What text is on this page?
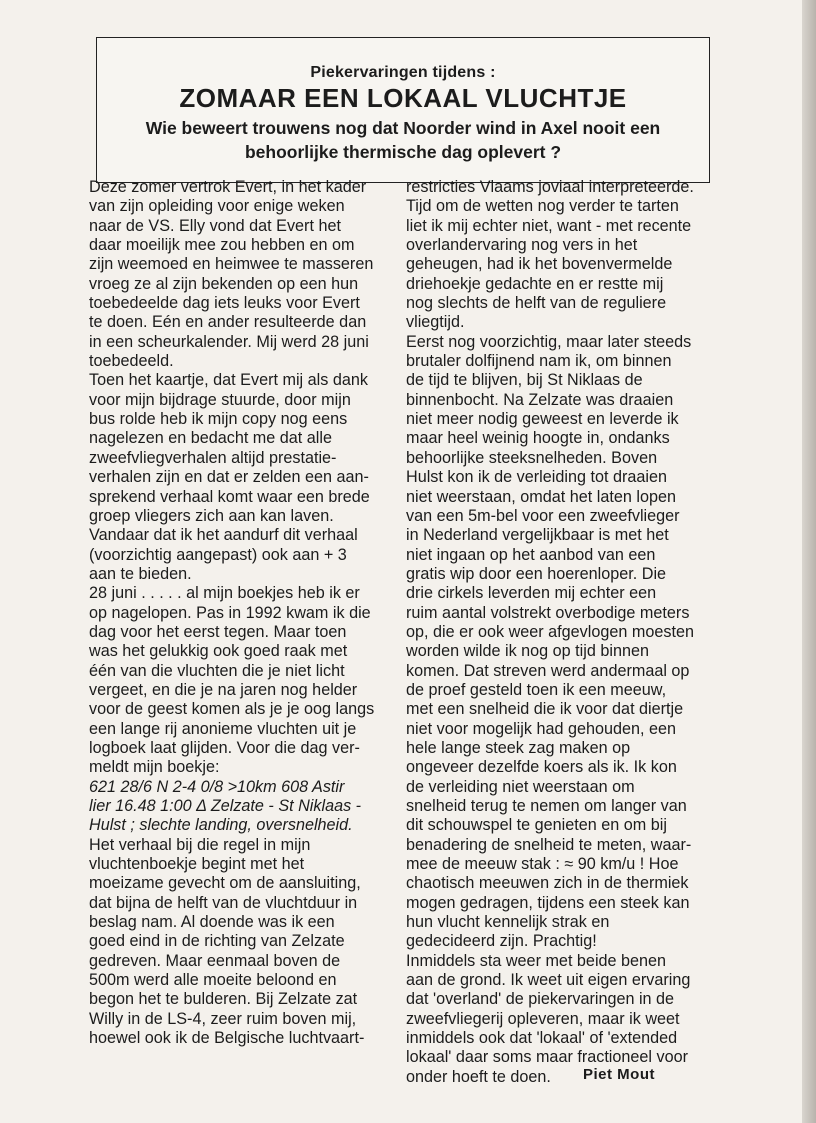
Piekervaringen tijdens :
ZOMAAR EEN LOKAAL VLUCHTJE
Wie beweert trouwens nog dat Noorder wind in Axel nooit een
behoorlijke thermische dag oplevert ?
Deze zomer vertrok Evert, in het kader
van zijn opleiding voor enige weken
naar de VS. Elly vond dat Evert het
daar moeilijk mee zou hebben en om
zijn weemoed en heimwee te masseren
vroeg ze al zijn bekenden op een hun
toebedeelde dag iets leuks voor Evert
te doen. Eén en ander resulteerde dan
in een scheurkalender. Mij werd 28 juni
toebedeeld.
Toen het kaartje, dat Evert mij als dank
voor mijn bijdrage stuurde, door mijn
bus rolde heb ik mijn copy nog eens
nagelezen en bedacht me dat alle
zweefvliegverhalen altijd prestatie-
verhalen zijn en dat er zelden een aan-
sprekend verhaal komt waar een brede
groep vliegers zich aan kan laven.
Vandaar dat ik het aandurf dit verhaal
(voorzichtig aangepast) ook aan + 3
aan te bieden.
28 juni . . . . . al mijn boekjes heb ik er
op nagelopen. Pas in 1992 kwam ik die
dag voor het eerst tegen. Maar toen
was het gelukkig ook goed raak met
één van die vluchten die je niet licht
vergeet, en die je na jaren nog helder
voor de geest komen als je je oog langs
een lange rij anonieme vluchten uit je
logboek laat glijden. Voor die dag ver-
meldt mijn boekje:
621 28/6 N 2-4 0/8 >10km 608 Astir
lier 16.48 1:00 Δ Zelzate - St Niklaas -
Hulst ; slechte landing, oversnelheid.
Het verhaal bij die regel in mijn
vluchtenboekje begint met het
moeizame gevecht om de aansluiting,
dat bijna de helft van de vluchtduur in
beslag nam. Al doende was ik een
goed eind in de richting van Zelzate
gedreven. Maar eenmaal boven de
500m werd alle moeite beloond en
begon het te bulderen. Bij Zelzate zat
Willy in de LS-4, zeer ruim boven mij,
hoewel ook ik de Belgische luchtvaart-
restricties Vlaams joviaal interpreteerde.
Tijd om de wetten nog verder te tarten
liet ik mij echter niet, want - met recente
overlandervaring nog vers in het
geheugen, had ik het bovenvermelde
driehoekje gedachte en er restte mij
nog slechts de helft van de reguliere
vliegtijd.
Eerst nog voorzichtig, maar later steeds
brutaler dolfijnend nam ik, om binnen
de tijd te blijven, bij St Niklaas de
binnenbocht. Na Zelzate was draaien
niet meer nodig geweest en leverde ik
maar heel weinig hoogte in, ondanks
behoorlijke steeksnelheden. Boven
Hulst kon ik de verleiding tot draaien
niet weerstaan, omdat het laten lopen
van een 5m-bel voor een zweefvlieger
in Nederland vergelijkbaar is met het
niet ingaan op het aanbod van een
gratis wip door een hoerenloper. Die
drie cirkels leverden mij echter een
ruim aantal volstrekt overbodige meters
op, die er ook weer afgevlogen moesten
worden wilde ik nog op tijd binnen
komen. Dat streven werd andermaal op
de proef gesteld toen ik een meeuw,
met een snelheid die ik voor dat diertje
niet voor mogelijk had gehouden, een
hele lange steek zag maken op
ongeveer dezelfde koers als ik. Ik kon
de verleiding niet weerstaan om
snelheid terug te nemen om langer van
dit schouwspel te genieten en om bij
benadering de snelheid te meten, waar-
mee de meeuw stak : ≈ 90 km/u ! Hoe
chaotisch meeuwen zich in de thermiek
mogen gedragen, tijdens een steek kan
hun vlucht kennelijk strak en
gedecideerd zijn. Prachtig!
Inmiddels sta weer met beide benen
aan de grond. Ik weet uit eigen ervaring
dat 'overland' de piekervaringen in de
zweefvliegerij opleveren, maar ik weet
inmiddels ook dat 'lokaal' of 'extended
lokaal' daar soms maar fractioneel voor
onder hoeft te doen.	Piet Mout
